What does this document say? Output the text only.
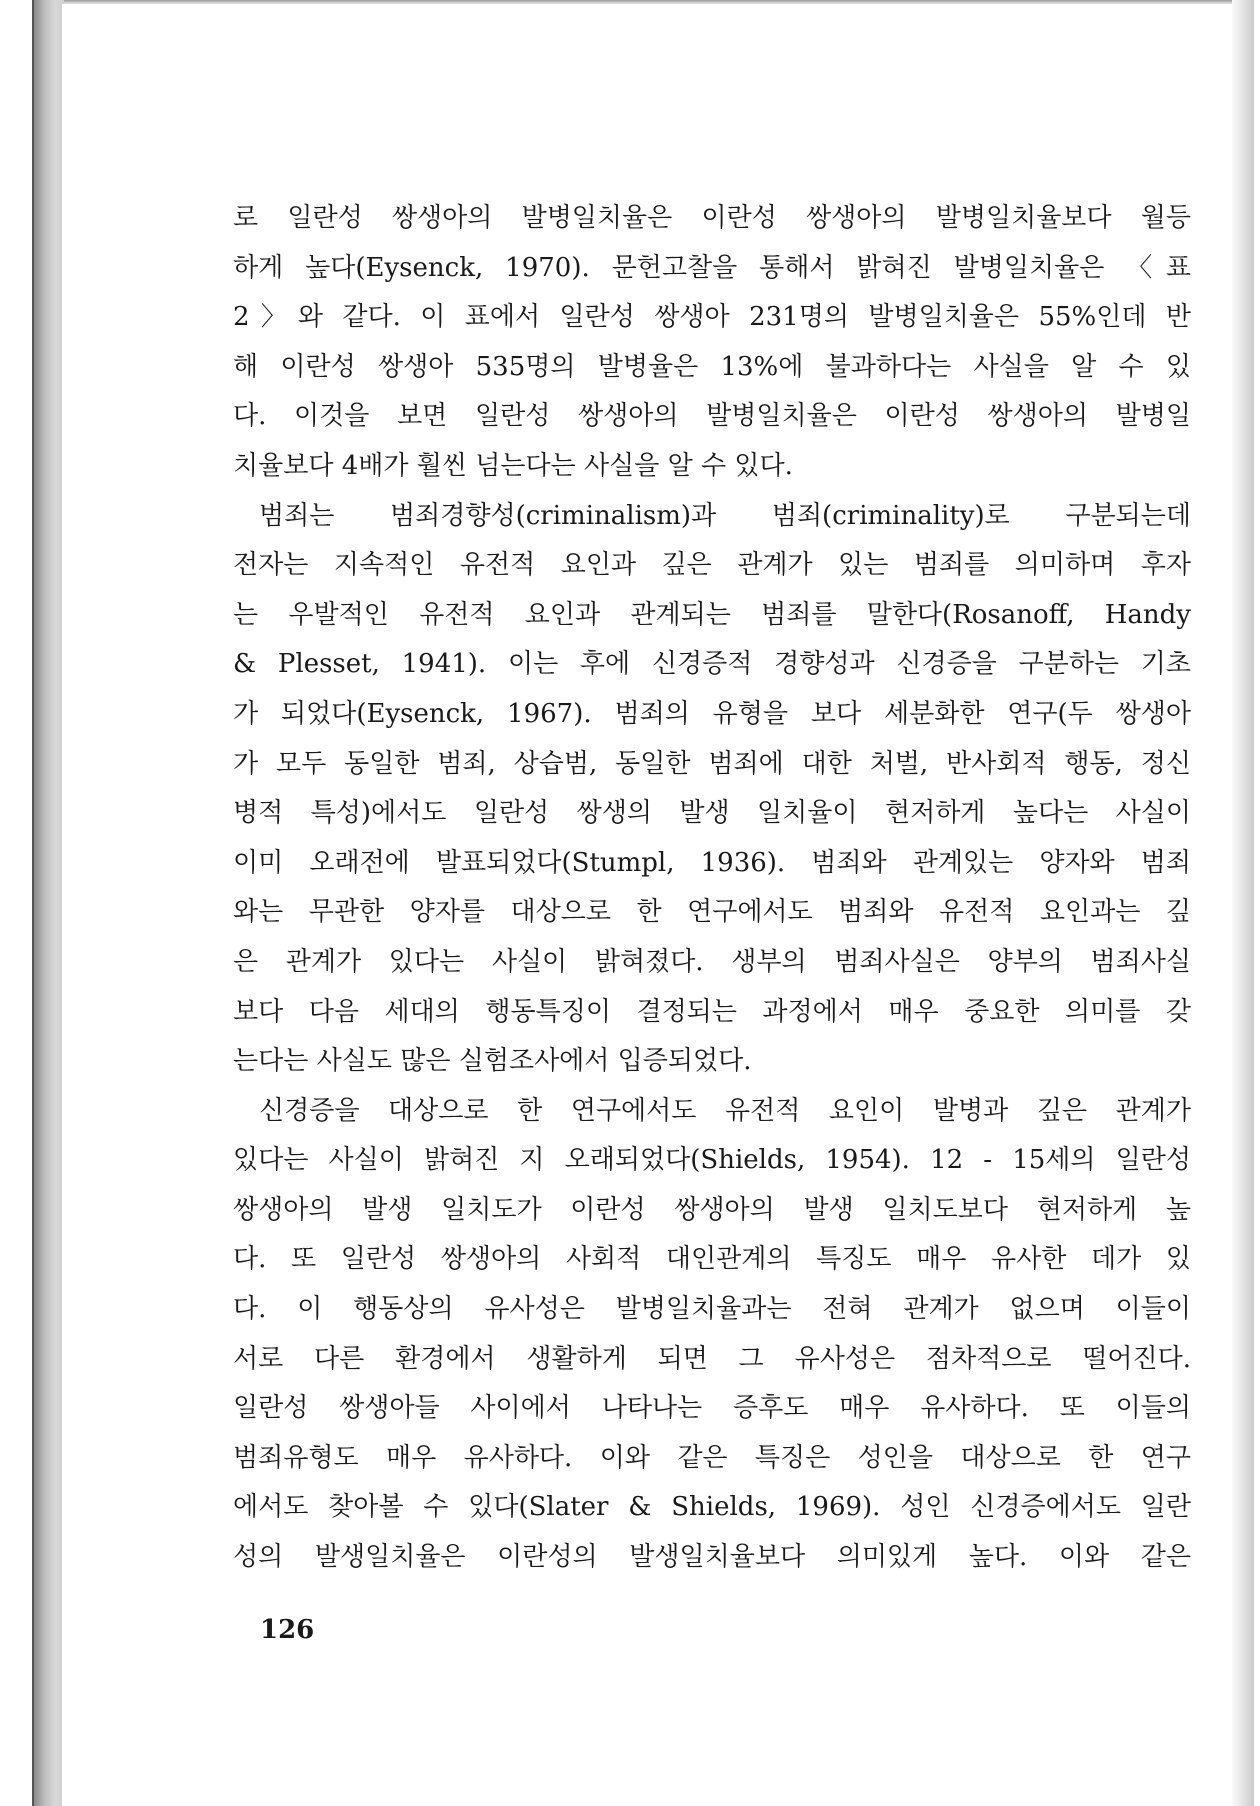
로 일란성 쌍생아의 발병일치율은 이란성 쌍생아의 발병일치율보다 월등
하게 높다(Eysenck, 1970). 문헌고찰을 통해서 밝혀진 발병일치율은 〈표
2〉와 같다. 이 표에서 일란성 쌍생아 231명의 발병일치율은 55%인데 반
해 이란성 쌍생아 535명의 발병율은 13%에 불과하다는 사실을 알 수 있
다. 이것을 보면 일란성 쌍생아의 발병일치율은 이란성 쌍생아의 발병일
치율보다 4배가 훨씬 넘는다는 사실을 알 수 있다.

범죄는 범죄경향성(criminalism)과 범죄(criminality)로 구분되는데
전자는 지속적인 유전적 요인과 깊은 관계가 있는 범죄를 의미하며 후자
는 우발적인 유전적 요인과 관계되는 범죄를 말한다(Rosanoff, Handy
& Plesset, 1941). 이는 후에 신경증적 경향성과 신경증을 구분하는 기초
가 되었다(Eysenck, 1967). 범죄의 유형을 보다 세분화한 연구(두 쌍생아
가 모두 동일한 범죄, 상습범, 동일한 범죄에 대한 처벌, 반사회적 행동, 정신
병적 특성)에서도 일란성 쌍생의 발생 일치율이 현저하게 높다는 사실이
이미 오래전에 발표되었다(Stumpl, 1936). 범죄와 관계있는 양자와 범죄
와는 무관한 양자를 대상으로 한 연구에서도 범죄와 유전적 요인과는 깊
은 관계가 있다는 사실이 밝혀졌다. 생부의 범죄사실은 양부의 범죄사실
보다 다음 세대의 행동특징이 결정되는 과정에서 매우 중요한 의미를 갖
는다는 사실도 많은 실험조사에서 입증되었다.

신경증을 대상으로 한 연구에서도 유전적 요인이 발병과 깊은 관계가
있다는 사실이 밝혀진 지 오래되었다(Shields, 1954). 12 - 15세의 일란성
쌍생아의 발생 일치도가 이란성 쌍생아의 발생 일치도보다 현저하게 높
다. 또 일란성 쌍생아의 사회적 대인관계의 특징도 매우 유사한 데가 있
다. 이 행동상의 유사성은 발병일치율과는 전혀 관계가 없으며 이들이
서로 다른 환경에서 생활하게 되면 그 유사성은 점차적으로 떨어진다.
일란성 쌍생아들 사이에서 나타나는 증후도 매우 유사하다. 또 이들의
범죄유형도 매우 유사하다. 이와 같은 특징은 성인을 대상으로 한 연구
에서도 찾아볼 수 있다(Slater & Shields, 1969). 성인 신경증에서도 일란
성의 발생일치율은 이란성의 발생일치율보다 의미있게 높다. 이와 같은

126
